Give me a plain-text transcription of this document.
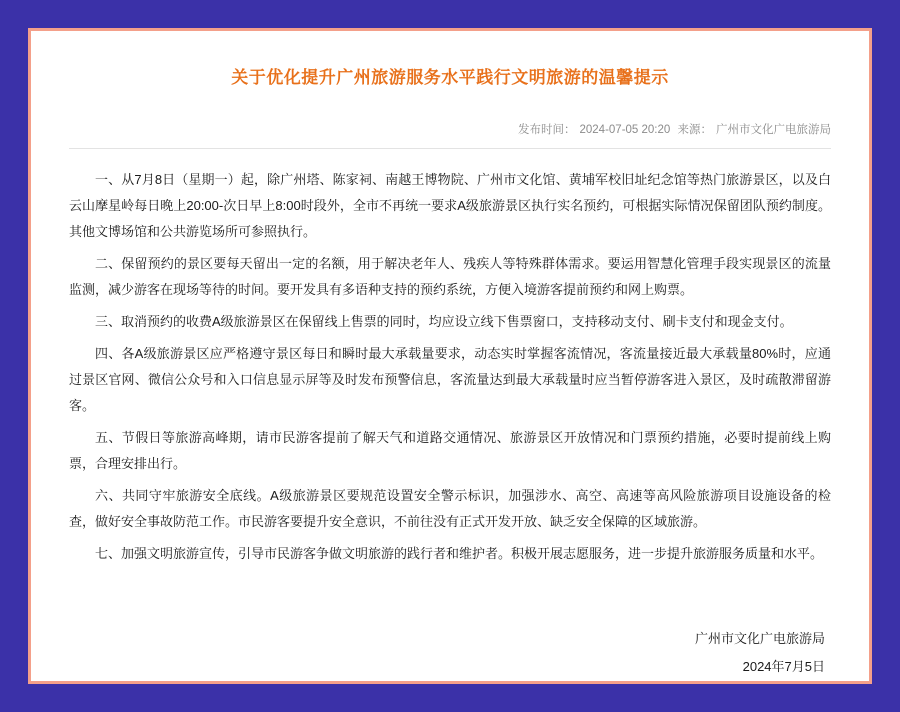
关于优化提升广州旅游服务水平践行文明旅游的温馨提示
发布时间： 2024-07-05 20:20 来源： 广州市文化广电旅游局

一、从7月8日（星期一）起，除广州塔、陈家祠、南越王博物院、广州市文化馆、黄埔军校旧址纪念馆等热门旅游景区，以及白云山摩星岭每日晚上20:00-次日早上8:00时段外，全市不再统一要求A级旅游景区执行实名预约，可根据实际情况保留团队预约制度。其他文博场馆和公共游览场所可参照执行。

二、保留预约的景区要每天留出一定的名额，用于解决老年人、残疾人等特殊群体需求。要运用智慧化管理手段实现景区的流量监测，减少游客在现场等待的时间。要开发具有多语种支持的预约系统，方便入境游客提前预约和网上购票。

三、取消预约的收费A级旅游景区在保留线上售票的同时，均应设立线下售票窗口，支持移动支付、刷卡支付和现金支付。

四、各A级旅游景区应严格遵守景区每日和瞬时最大承载量要求，动态实时掌握客流情况，客流量接近最大承载量80%时，应通过景区官网、微信公众号和入口信息显示屏等及时发布预警信息，客流量达到最大承载量时应当暂停游客进入景区，及时疏散滞留游客。

五、节假日等旅游高峰期，请市民游客提前了解天气和道路交通情况、旅游景区开放情况和门票预约措施，必要时提前线上购票，合理安排出行。

六、共同守牢旅游安全底线。A级旅游景区要规范设置安全警示标识，加强涉水、高空、高速等高风险旅游项目设施设备的检查，做好安全事故防范工作。市民游客要提升安全意识，不前往没有正式开发开放、缺乏安全保障的区域旅游。

七、加强文明旅游宣传，引导市民游客争做文明旅游的践行者和维护者。积极开展志愿服务，进一步提升旅游服务质量和水平。

广州市文化广电旅游局
2024年7月5日
